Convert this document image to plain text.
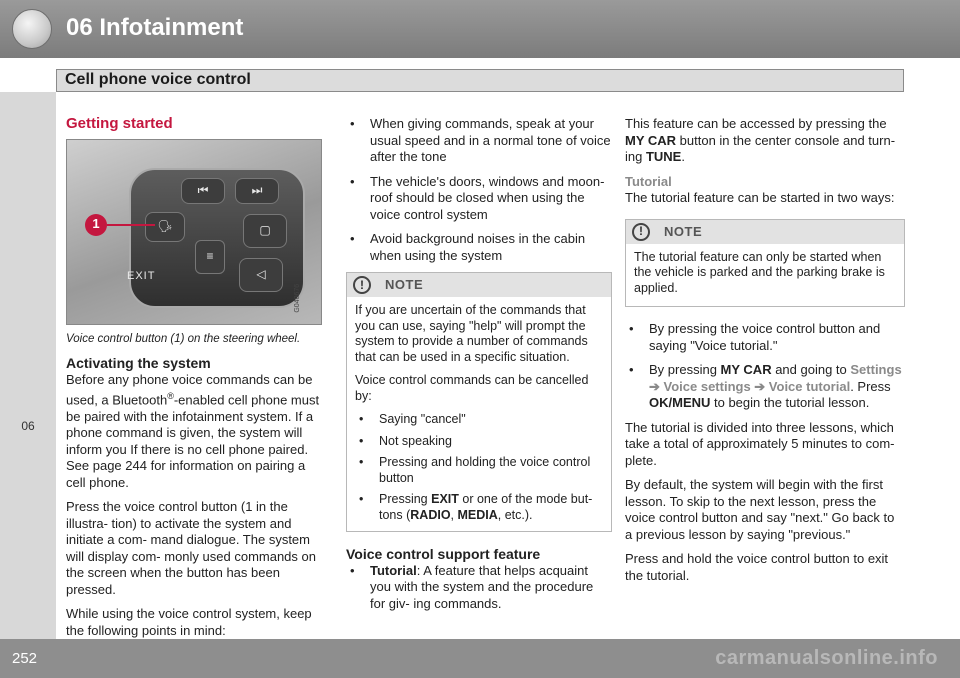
06 Infotainment
Cell phone voice control
06
Getting started
⏮	⏭
🗣	▢
≡
◁
EXIT
1
G040676
Voice control button (1) on the steering wheel.
Activating the system

Before any phone voice commands can be used, a Bluetooth®-enabled cell phone must be paired with the infotainment system. If a phone command is given, the system will inform you If there is no cell phone paired. See page 244 for information on pairing a cell phone.

Press the voice control button (1 in the illustra- tion) to activate the system and initiate a com- mand dialogue. The system will display com- monly used commands on the screen when the button has been pressed.

While using the voice control system, keep the following points in mind:

• When giving commands, speak at your usual speed and in a normal tone of voice after the tone
• The vehicle's doors, windows and moon- roof should be closed when using the voice control system
• Avoid background noises in the cabin when using the system
!	NOTE

If you are uncertain of the commands that you can use, saying "help" will prompt the system to provide a number of commands that can be used in a specific situation.

Voice control commands can be cancelled by:

• Saying "cancel"
• Not speaking
• Pressing and holding the voice control button
• Pressing EXIT or one of the mode but- tons (RADIO, MEDIA, etc.).
Voice control support feature
• Tutorial: A feature that helps acquaint you with the system and the procedure for giv- ing commands.

This feature can be accessed by pressing the MY CAR button in the center console and turn- ing TUNE.

Tutorial

The tutorial feature can be started in two ways:

!	NOTE

The tutorial feature can only be started when the vehicle is parked and the parking brake is applied.

• By pressing the voice control button and saying "Voice tutorial."
• By pressing MY CAR and going to Settings ➔ Voice settings ➔ Voice tutorial. Press OK/MENU to begin the tutorial lesson.

The tutorial is divided into three lessons, which take a total of approximately 5 minutes to com- plete.

By default, the system will begin with the first lesson. To skip to the next lesson, press the voice control button and say "next." Go back to a previous lesson by saying "previous."

Press and hold the voice control button to exit the tutorial.

252	carmanualsonline.info
